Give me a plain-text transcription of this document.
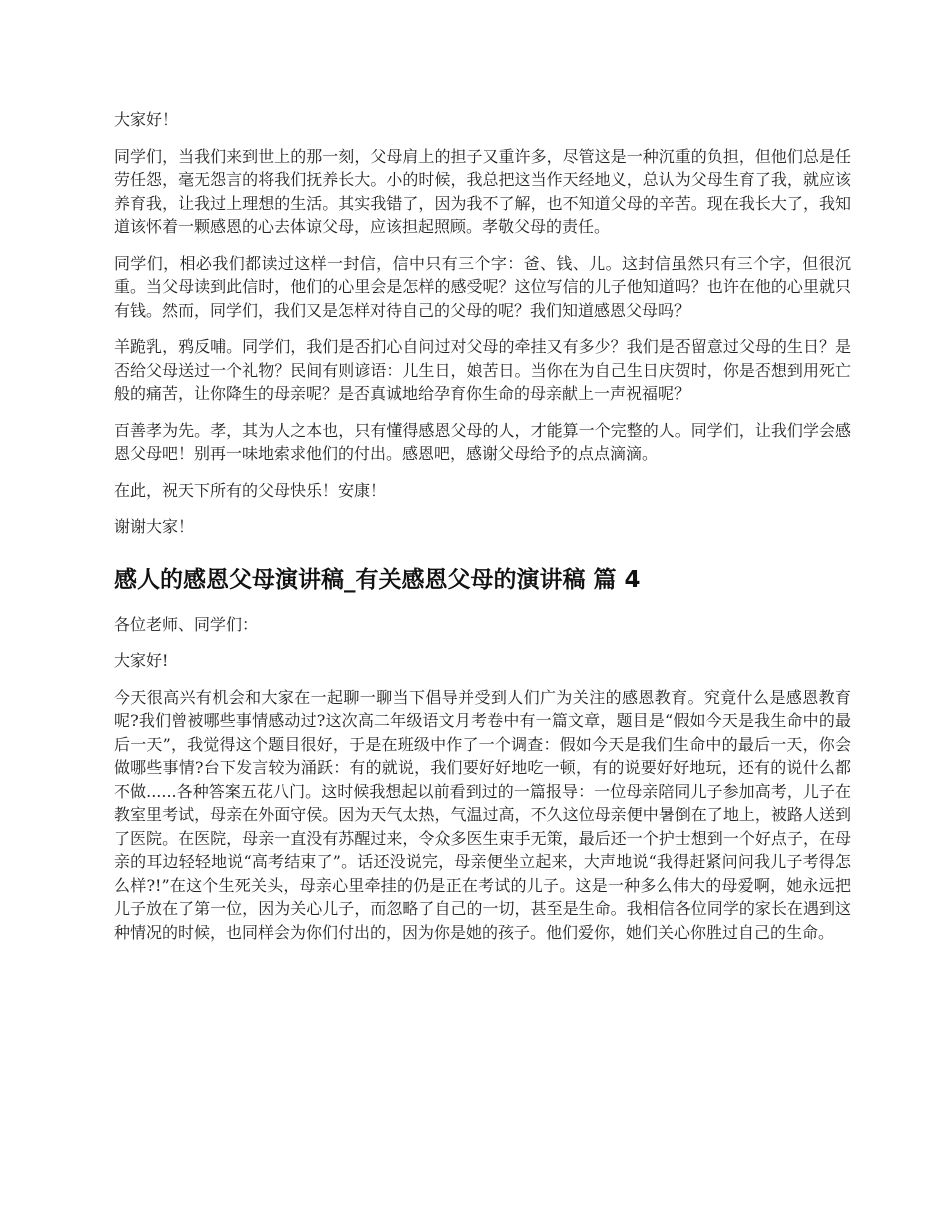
大家好！

同学们，当我们来到世上的那一刻，父母肩上的担子又重许多，尽管这是一种沉重的负担，但他们总是任劳任怨，毫无怨言的将我们抚养长大。小的时候，我总把这当作天经地义，总认为父母生育了我，就应该养育我，让我过上理想的生活。其实我错了，因为我不了解，也不知道父母的辛苦。现在我长大了，我知道该怀着一颗感恩的心去体谅父母，应该担起照顾。孝敬父母的责任。

同学们，相必我们都读过这样一封信，信中只有三个字：爸、钱、儿。这封信虽然只有三个字，但很沉重。当父母读到此信时，他们的心里会是怎样的感受呢？这位写信的儿子他知道吗？也许在他的心里就只有钱。然而，同学们，我们又是怎样对待自己的父母的呢？我们知道感恩父母吗？

羊跪乳，鸦反哺。同学们，我们是否扪心自问过对父母的牵挂又有多少？我们是否留意过父母的生日？是否给父母送过一个礼物？民间有则谚语：儿生日，娘苦日。当你在为自己生日庆贺时，你是否想到用死亡般的痛苦，让你降生的母亲呢？是否真诚地给孕育你生命的母亲献上一声祝福呢？

百善孝为先。孝，其为人之本也，只有懂得感恩父母的人，才能算一个完整的人。同学们，让我们学会感恩父母吧！别再一味地索求他们的付出。感恩吧，感谢父母给予的点点滴滴。

在此，祝天下所有的父母快乐！安康！

谢谢大家！

感人的感恩父母演讲稿_有关感恩父母的演讲稿 篇 4

各位老师、同学们：

大家好!

今天很高兴有机会和大家在一起聊一聊当下倡导并受到人们广为关注的感恩教育。究竟什么是感恩教育呢?我们曾被哪些事情感动过?这次高二年级语文月考卷中有一篇文章，题目是“假如今天是我生命中的最后一天”，我觉得这个题目很好，于是在班级中作了一个调查：假如今天是我们生命中的最后一天，你会做哪些事情?台下发言较为涌跃：有的就说，我们要好好地吃一顿，有的说要好好地玩，还有的说什么都不做......各种答案五花八门。这时候我想起以前看到过的一篇报导：一位母亲陪同儿子参加高考，儿子在教室里考试，母亲在外面守侯。因为天气太热，气温过高，不久这位母亲便中暑倒在了地上，被路人送到了医院。在医院，母亲一直没有苏醒过来，令众多医生束手无策，最后还一个护士想到一个好点子，在母亲的耳边轻轻地说“高考结束了”。话还没说完，母亲便坐立起来，大声地说“我得赶紧问问我儿子考得怎么样?!”在这个生死关头，母亲心里牵挂的仍是正在考试的儿子。这是一种多么伟大的母爱啊，她永远把儿子放在了第一位，因为关心儿子，而忽略了自己的一切，甚至是生命。我相信各位同学的家长在遇到这种情况的时候，也同样会为你们付出的，因为你是她的孩子。他们爱你，她们关心你胜过自己的生命。
